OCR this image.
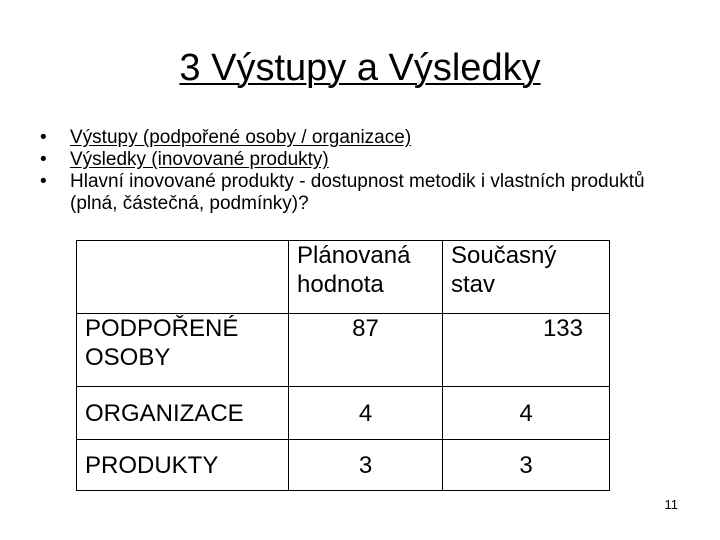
3 Výstupy a Výsledky
• Výstupy (podpořené osoby / organizace)
• Výsledky (inovované produkty)
• Hlavní inovované produkty - dostupnost metodik i vlastních produktů (plná, částečná, podmínky)?
	Plánovaná hodnota	Současný stav
PODPOŘENÉ OSOBY	87	133
ORGANIZACE	4	4
PRODUKTY	3	3
11
